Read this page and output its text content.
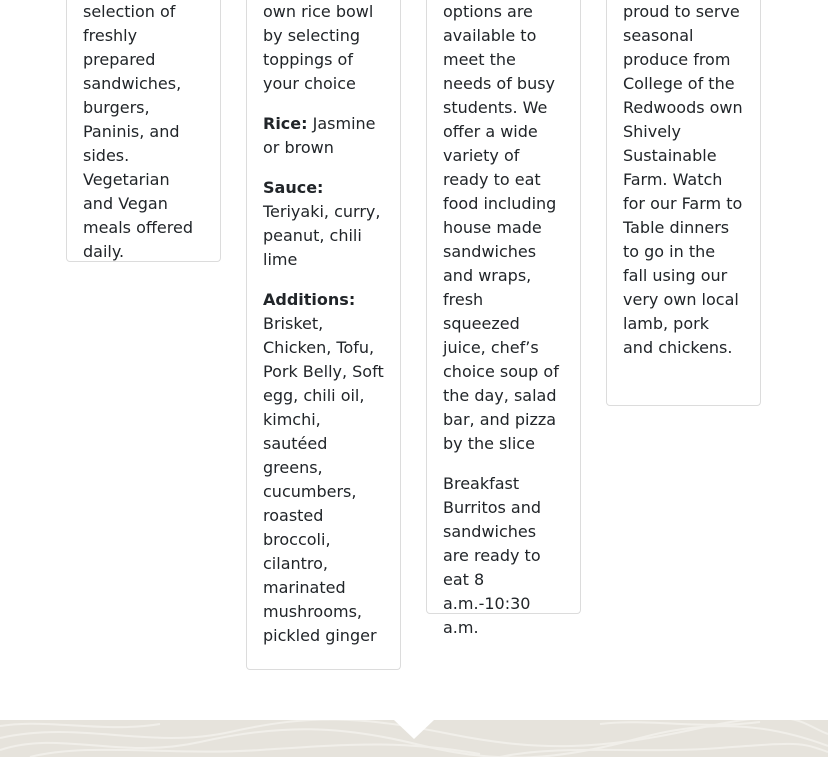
selection of freshly prepared sandwiches, burgers, Paninis, and sides. Vegetarian and Vegan meals offered daily.

own rice bowl by selecting toppings of your choice

Rice: Jasmine or brown

Sauce: Teriyaki, curry, peanut, chili lime

Additions: Brisket, Chicken, Tofu, Pork Belly, Soft egg, chili oil, kimchi, sautéed greens, cucumbers, roasted broccoli, cilantro, marinated mushrooms, pickled ginger

options are available to meet the needs of busy students. We offer a wide variety of ready to eat food including house made sandwiches and wraps, fresh squeezed juice, chef’s choice soup of the day, salad bar, and pizza by the slice

Breakfast Burritos and sandwiches are ready to eat 8 a.m.-10:30 a.m.

proud to serve seasonal produce from College of the Redwoods own Shively Sustainable Farm. Watch for our Farm to Table dinners to go in the fall using our very own local lamb, pork and chickens.
